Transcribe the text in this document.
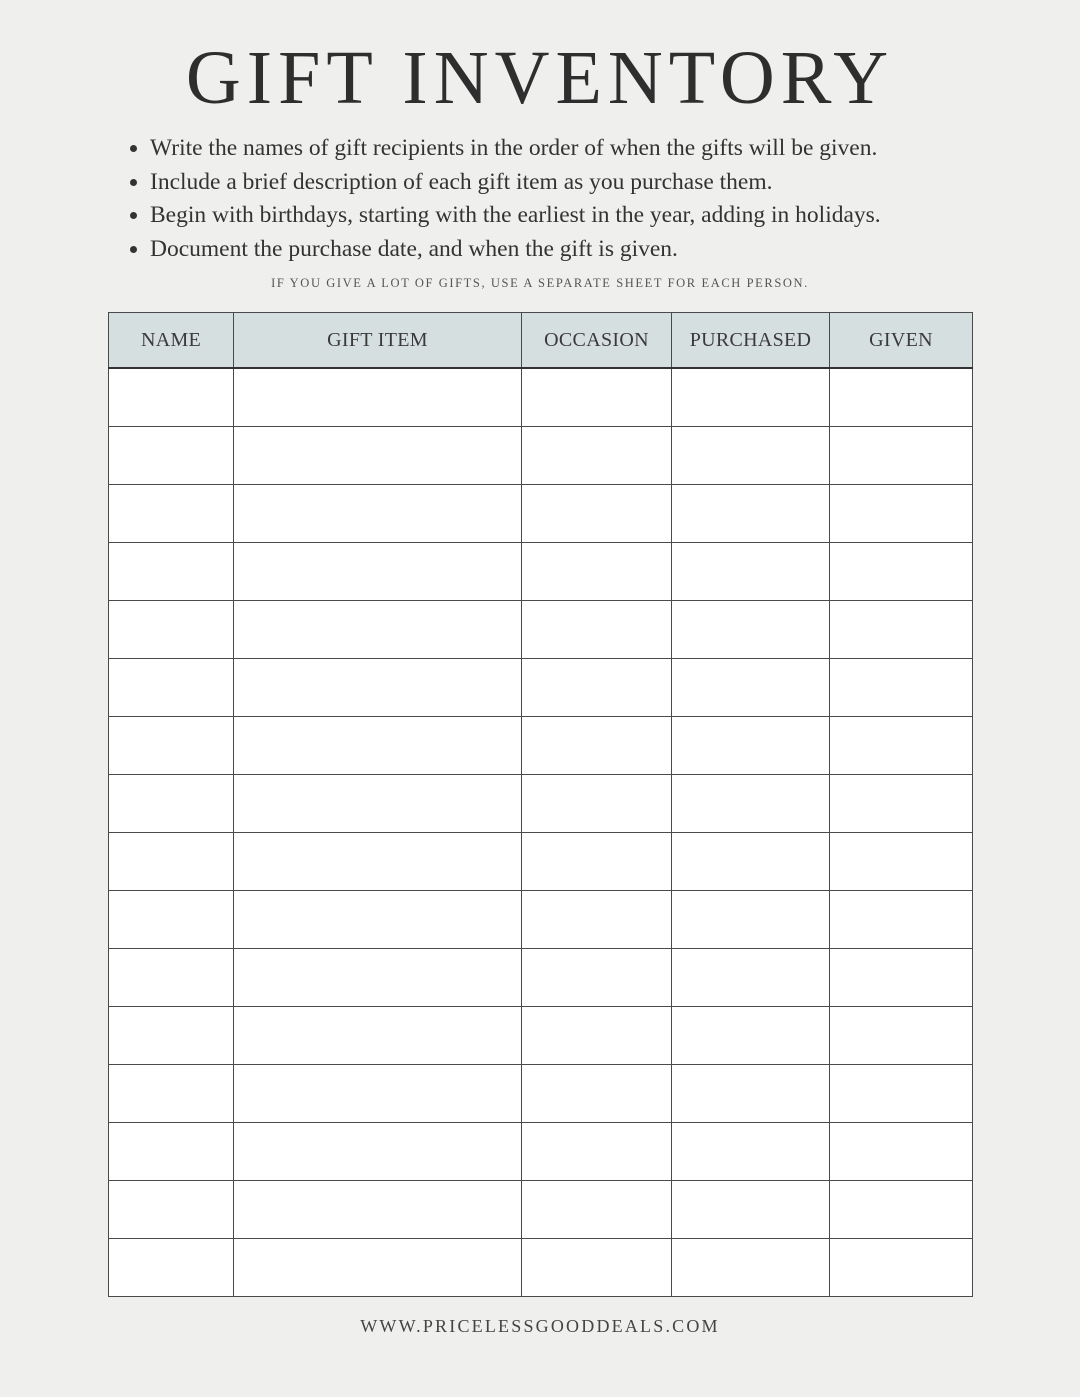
GIFT INVENTORY
• Write the names of gift recipients in the order of when the gifts will be given.
• Include a brief description of each gift item as you purchase them.
• Begin with birthdays, starting with the earliest in the year, adding in holidays.
• Document the purchase date, and when the gift is given.
IF YOU GIVE A LOT OF GIFTS, USE A SEPARATE SHEET FOR EACH PERSON.
NAME	GIFT ITEM	OCCASION	PURCHASED	GIVEN

WWW.PRICELESSGOODDEALS.COM
